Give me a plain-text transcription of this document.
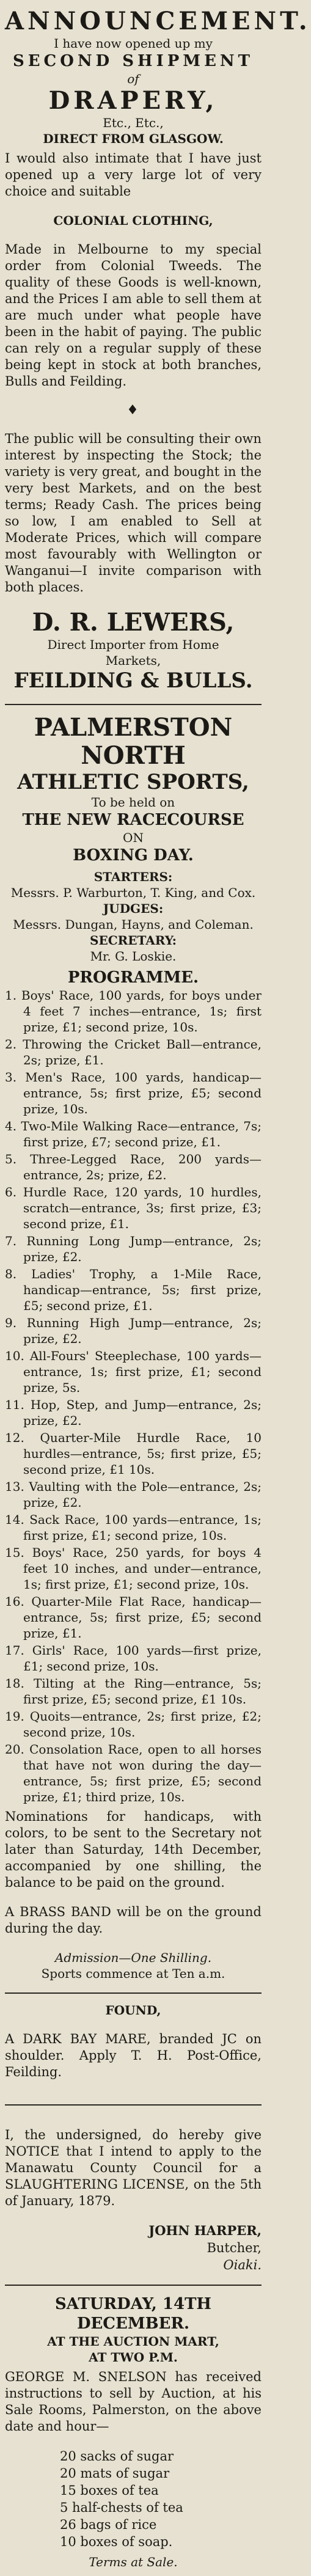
ANNOUNCEMENT.
I have now opened up my
SECOND SHIPMENT
of
DRAPERY,
Etc., Etc.,
DIRECT FROM GLASGOW.

I would also intimate that I have just opened up a very large lot of very choice and suitable

COLONIAL CLOTHING,

Made in Melbourne to my special order from Colonial Tweeds. The quality of these Goods is well-known, and the Prices I am able to sell them at are much under what people have been in the habit of paying. The public can rely on a regular supply of these being kept in stock at both branches, Bulls and Feilding.

♦

The public will be consulting their own interest by inspecting the Stock; the variety is very great, and bought in the very best Markets, and on the best terms; Ready Cash. The prices being so low, I am enabled to Sell at Moderate Prices, which will compare most favourably with Wellington or Wanganui—I invite comparison with both places.

D. R. LEWERS,
Direct Importer from Home
Markets,
FEILDING & BULLS.
PALMERSTON NORTH
ATHLETIC SPORTS,
To be held on
THE NEW RACECOURSE
ON
BOXING DAY.
STARTERS:
Messrs. P. Warburton, T. King, and Cox.
JUDGES:
Messrs. Dungan, Hayns, and Coleman.
SECRETARY:
Mr. G. Loskie.
PROGRAMME.
1. Boys' Race, 100 yards, for boys under 4 feet 7 inches—entrance, 1s; first prize, £1; second prize, 10s.
2. Throwing the Cricket Ball—entrance, 2s; prize, £1.
3. Men's Race, 100 yards, handicap—entrance, 5s; first prize, £5; second prize, 10s.
4. Two-Mile Walking Race—entrance, 7s; first prize, £7; second prize, £1.
5. Three-Legged Race, 200 yards—entrance, 2s; prize, £2.
6. Hurdle Race, 120 yards, 10 hurdles, scratch—entrance, 3s; first prize, £3; second prize, £1.
7. Running Long Jump—entrance, 2s; prize, £2.
8. Ladies' Trophy, a 1-Mile Race, handicap—entrance, 5s; first prize, £5; second prize, £1.
9. Running High Jump—entrance, 2s; prize, £2.
10. All-Fours' Steeplechase, 100 yards—entrance, 1s; first prize, £1; second prize, 5s.
11. Hop, Step, and Jump—entrance, 2s; prize, £2.
12. Quarter-Mile Hurdle Race, 10 hurdles—entrance, 5s; first prize, £5; second prize, £1 10s.
13. Vaulting with the Pole—entrance, 2s; prize, £2.
14. Sack Race, 100 yards—entrance, 1s; first prize, £1; second prize, 10s.
15. Boys' Race, 250 yards, for boys 4 feet 10 inches, and under—entrance, 1s; first prize, £1; second prize, 10s.
16. Quarter-Mile Flat Race, handicap—entrance, 5s; first prize, £5; second prize, £1.
17. Girls' Race, 100 yards—first prize, £1; second prize, 10s.
18. Tilting at the Ring—entrance, 5s; first prize, £5; second prize, £1 10s.
19. Quoits—entrance, 2s; first prize, £2; second prize, 10s.
20. Consolation Race, open to all horses that have not won during the day—entrance, 5s; first prize, £5; second prize, £1; third prize, 10s.

Nominations for handicaps, with colors, to be sent to the Secretary not later than Saturday, 14th December, accompanied by one shilling, the balance to be paid on the ground.

A BRASS BAND will be on the ground during the day.

Admission—One Shilling.
Sports commence at Ten a.m.
FOUND,

A DARK BAY MARE, branded JC on shoulder. Apply T. H. Post-Office, Feilding.

I, the undersigned, do hereby give NOTICE that I intend to apply to the Manawatu County Council for a SLAUGHTERING LICENSE, on the 5th of January, 1879.

JOHN HARPER,
Butcher,
Oiaki.
SATURDAY, 14TH DECEMBER.
AT THE AUCTION MART,
AT TWO P.M.

GEORGE M. SNELSON has received instructions to sell by Auction, at his Sale Rooms, Palmerston, on the above date and hour—

20 sacks of sugar
20 mats of sugar
15 boxes of tea
5 half-chests of tea
26 bags of rice
10 boxes of soap.
Terms at Sale.
